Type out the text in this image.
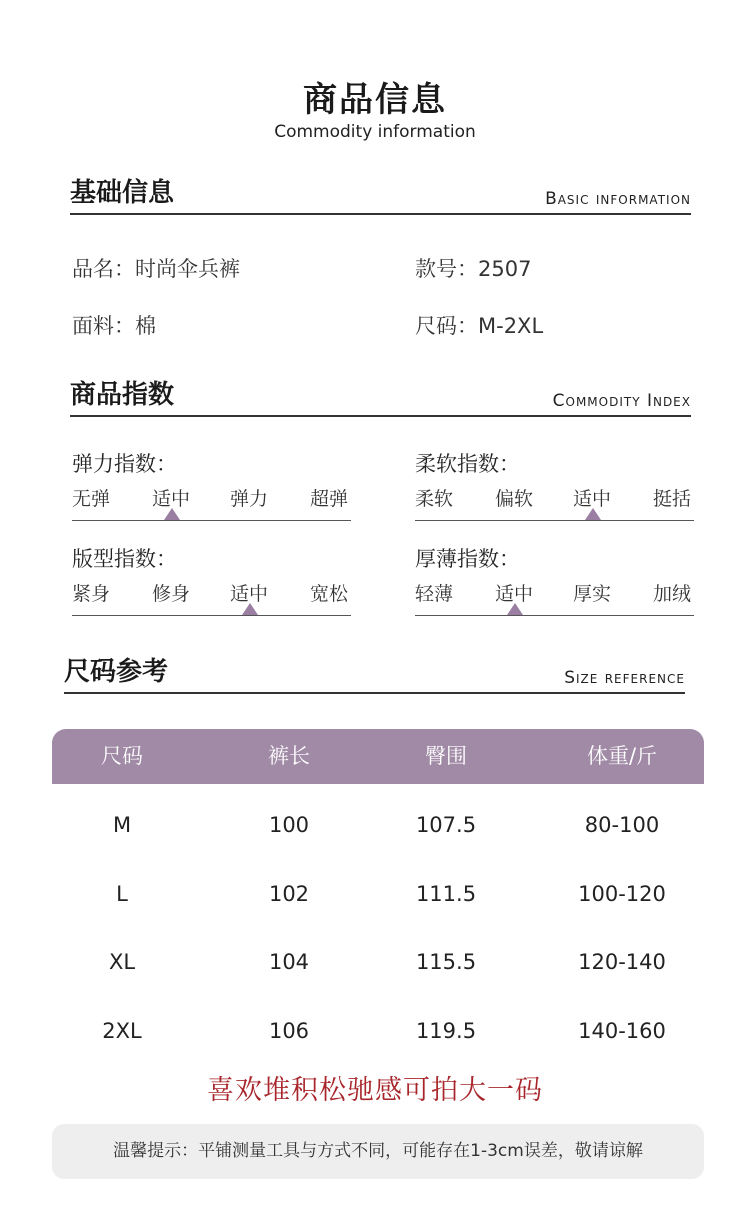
商品信息
Commodity information
基础信息	Basic information
品名：时尚伞兵裤	款号：2507
面料：棉	尺码：M-2XL
商品指数	Commodity Index
弹力指数：
无弹 适中 弹力 超弹
柔软指数：
柔软 偏软 适中 挺括
版型指数：
紧身 修身 适中 宽松
厚薄指数：
轻薄 适中 厚实 加绒
尺码参考	Size reference
尺码	裤长	臀围	体重/斤
M	100	107.5	80-100
L	102	111.5	100-120
XL	104	115.5	120-140
2XL	106	119.5	140-160
喜欢堆积松驰感可拍大一码
温馨提示：平铺测量工具与方式不同，可能存在1-3cm误差，敬请谅解
